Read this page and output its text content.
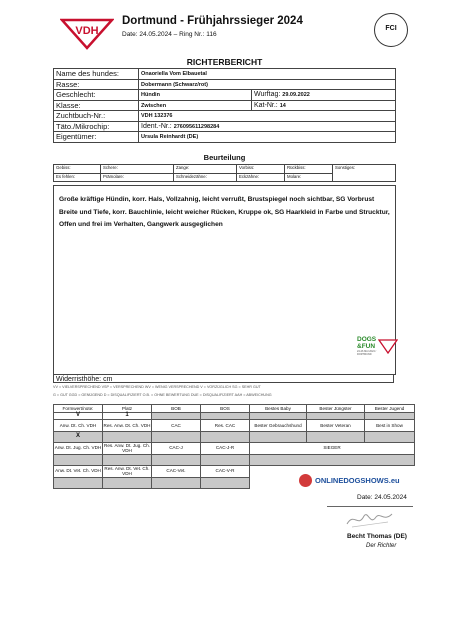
VDH
Dortmund - Frühjahrssieger 2024
Date: 24.05.2024 – Ring Nr.: 116
FCI
RICHTERBERICHT
Name des hundes:	Onaoriella Vom Elbauetal	
Rasse:	Dobermann (Schwarz/rot)	
Geschlecht:	Hündin	Wurftag: 29.09.2022
Klasse:	Zwischen	Kat-Nr.: 14
Zuchtbuch-Nr.:	VDH 132376	
Täto./Mikrochip:	Ident.-Nr.: 276095611298284	
Eigentümer:	Ursula Reinhardt (DE)	
Beurteilung
Gebiss:	Schere:	Zange:	Vorbiss:	Rückbiss:	Sonstiges:
Es fehlen:	Prämolare:	Schneidezähne:	Eckzähne:	Molare:	
Große kräftige Hündin, korr. Hals, Vollzahnig, leicht verrußt, Brustspiegel noch sichtbar, SG Vorbrust Breite und Tiefe, korr. Bauchlinie, leicht weicher Rücken, Kruppe ok, SG Haarkleid in Farbe und Strucktur, Offen und frei im Verhalten, Gangwerk ausgeglichen
DOGS
&FUN
24-26 MAI 2024 / DORTMUND
Widerristhöhe: cm
VV = VIELVERSPRECHEND VSP = VERSPRECHEND WV = WENIG VERSPRECHEND V = VORZÜGLICH SG = SEHR GUT
G = GUT GGD = GENÜGEND D = DISQUALIFIZIERT O.B. = OHNE BEWERTUNG DUE = DISQUALIFIZIERT AAH = ABWEICHUNG
Formwert/note:	Platz	BOB	BOS	Bestes Baby	Bester Jüngster	Bester Jugend
V	1					
Anw. Dt. Ch. VDH	Res. Anw. Dt. Ch. VDH	CAC	Res. CAC	Bester Gebrauchshund	Bester Veteran	Best in Show
X						
Anw. Dt. Jug. Ch. VDH	Res. Anw. Dt. Jug. Ch. VDH	CAC-J	CAC-J-R	SIEGER		

Anw. Dt. Vet. Ch. VDH	Res. Anw. Dt. Vet. Ch. VDH	CAC-Vet.	CAC-V-R			

ONLINEDOGSHOWS.eu
Date: 24.05.2024
Becht Thomas (DE)
Der Richter
